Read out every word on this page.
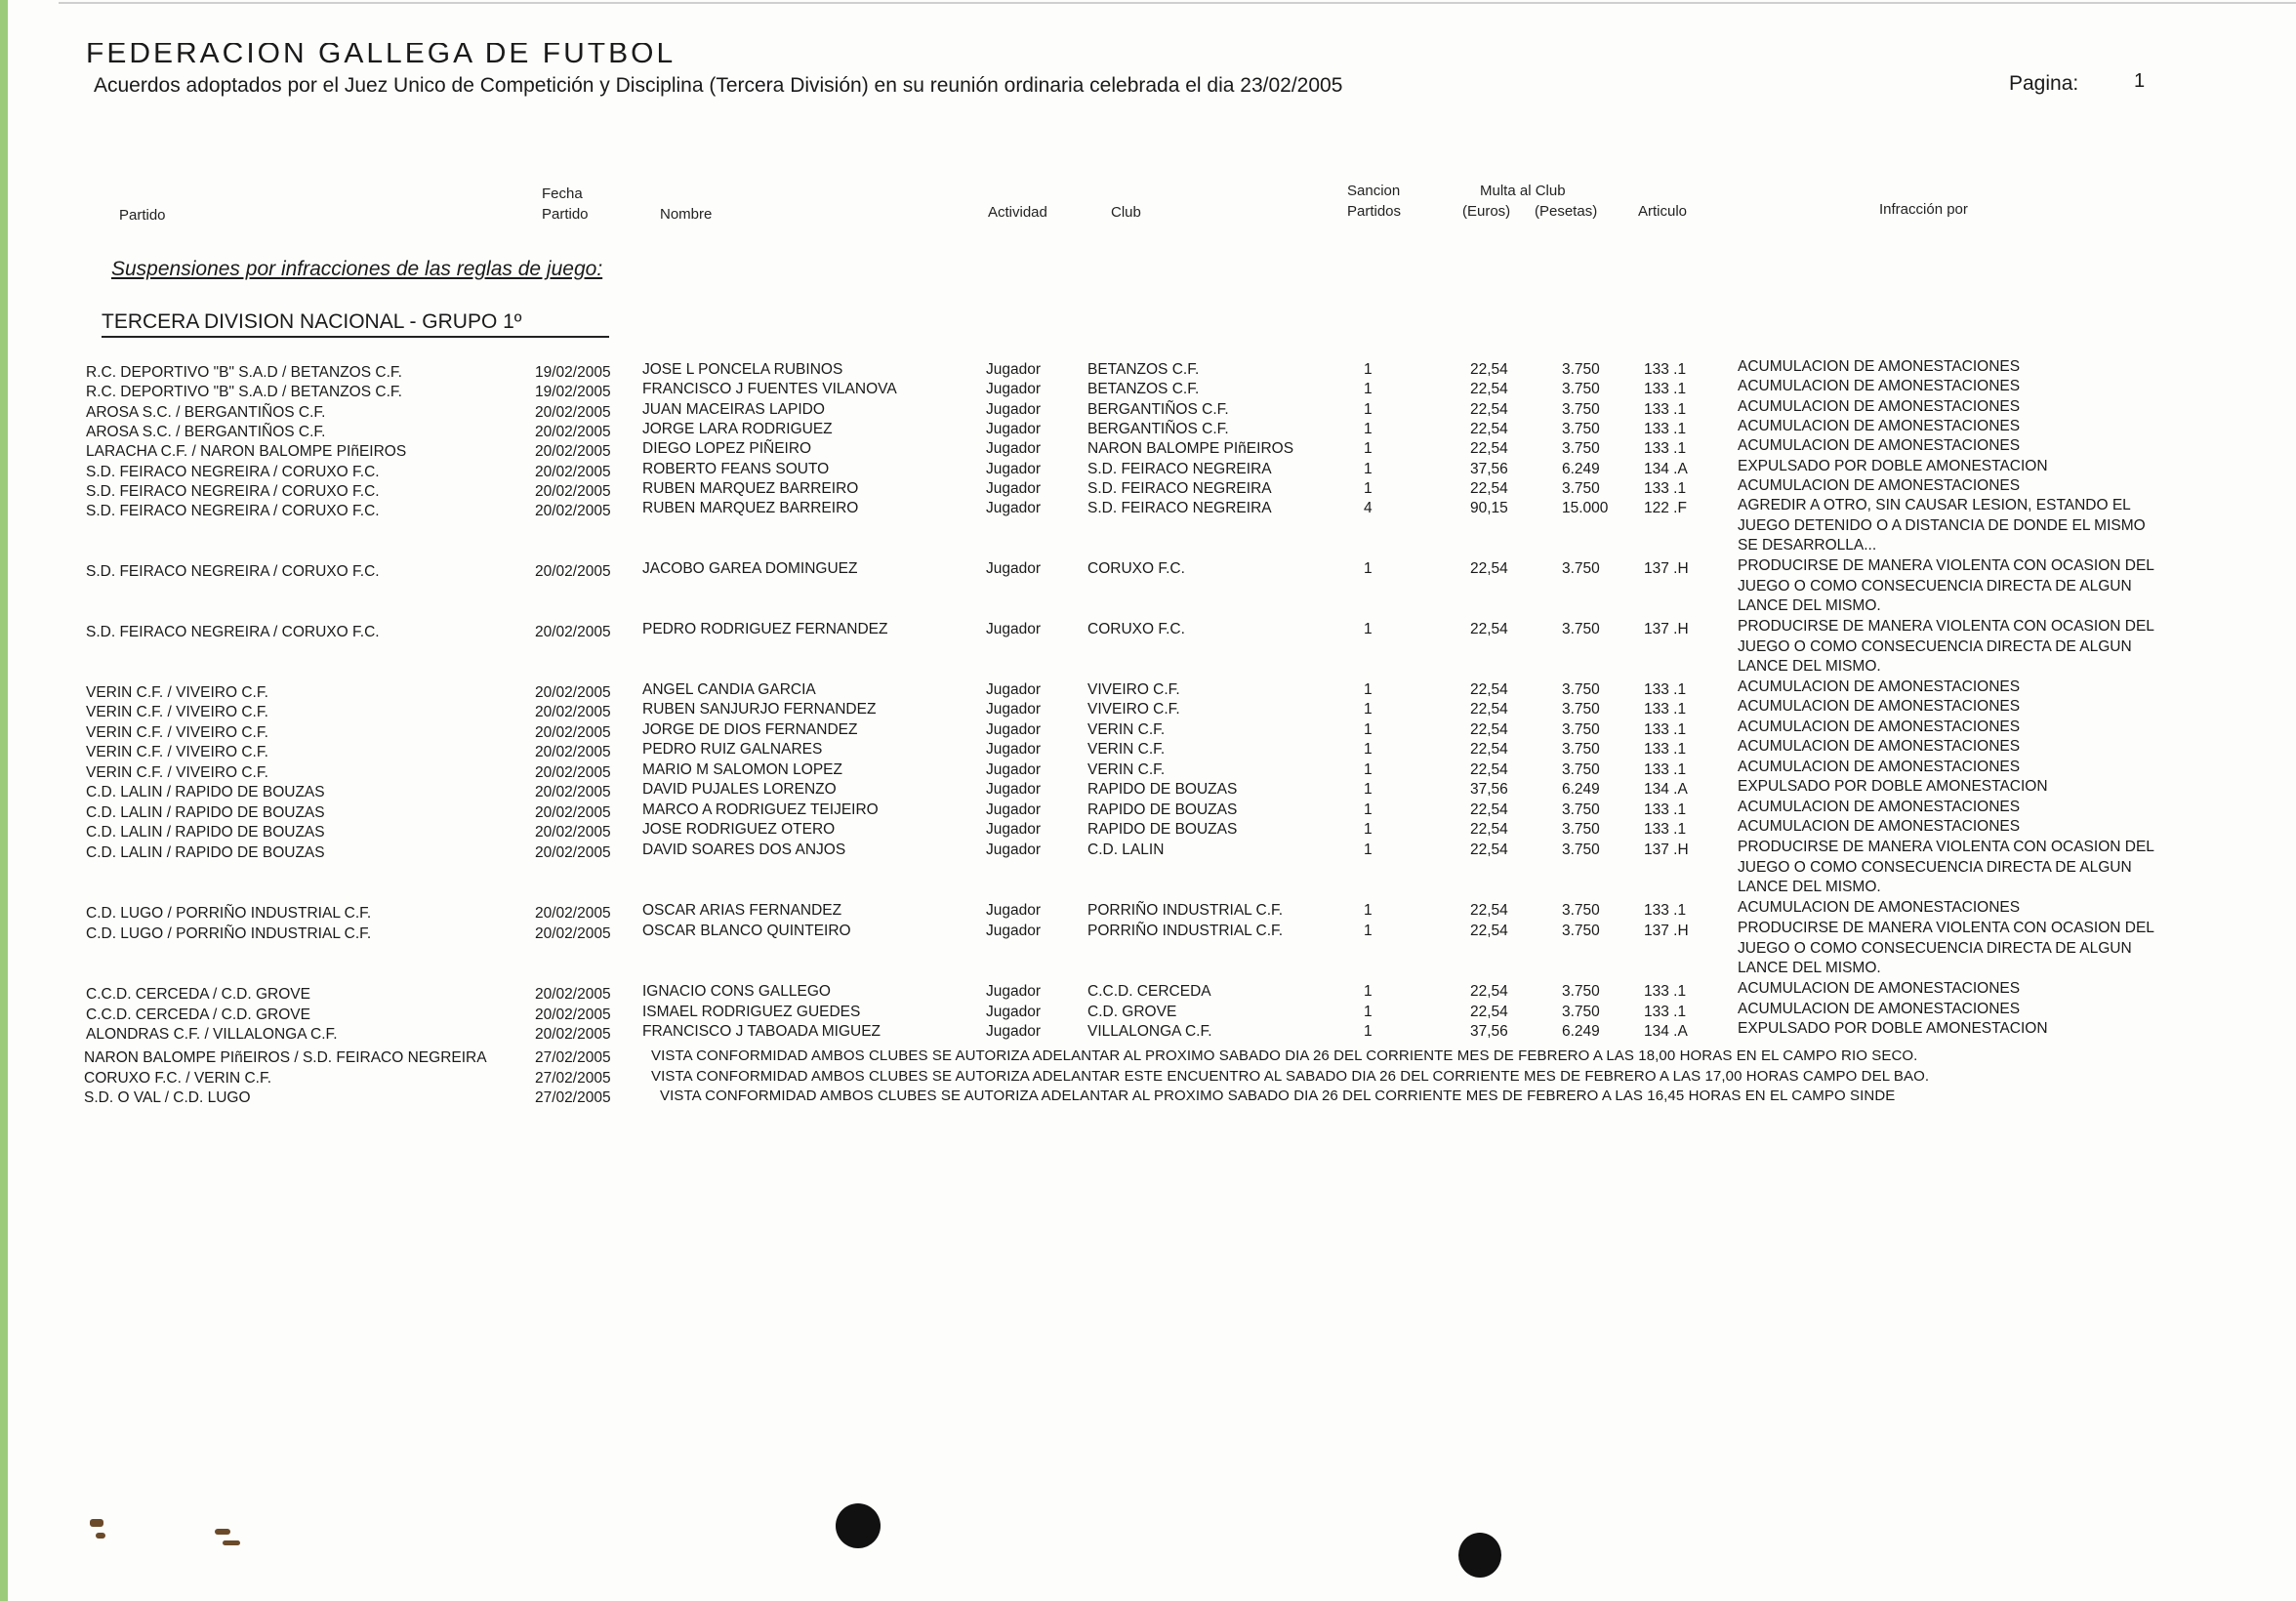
FEDERACION GALLEGA DE FUTBOL
Acuerdos adoptados por el Juez Unico de Competición y Disciplina (Tercera División) en su reunión ordinaria celebrada el dia 23/02/2005	Pagina:	1
Partido
Fecha
Partido	Nombre	Actividad	Club
Sancion
Partidos
Multa al Club
(Euros) (Pesetas)	Articulo	Infracción por
Suspensiones por infracciones de las reglas de juego:
TERCERA DIVISION NACIONAL - GRUPO 1º
R.C. DEPORTIVO "B" S.A.D / BETANZOS C.F.	19/02/2005 JOSE L PONCELA RUBINOS	Jugador	BETANZOS C.F.	1	22,54	3.750	133 .1	ACUMULACION DE AMONESTACIONES
R.C. DEPORTIVO "B" S.A.D / BETANZOS C.F.	19/02/2005 FRANCISCO J FUENTES VILANOVA	Jugador	BETANZOS C.F.	1	22,54	3.750	133 .1	ACUMULACION DE AMONESTACIONES
AROSA S.C. / BERGANTIÑOS C.F.	20/02/2005 JUAN MACEIRAS LAPIDO	Jugador	BERGANTIÑOS C.F.	1	22,54	3.750	133 .1	ACUMULACION DE AMONESTACIONES
AROSA S.C. / BERGANTIÑOS C.F.	20/02/2005 JORGE LARA RODRIGUEZ	Jugador	BERGANTIÑOS C.F.	1	22,54	3.750	133 .1	ACUMULACION DE AMONESTACIONES
LARACHA C.F. / NARON BALOMPE PIñEIROS	20/02/2005 DIEGO LOPEZ PIÑEIRO	Jugador	NARON BALOMPE PIñEIROS	1	22,54	3.750	133 .1	ACUMULACION DE AMONESTACIONES
S.D. FEIRACO NEGREIRA / CORUXO F.C.	20/02/2005 ROBERTO FEANS SOUTO	Jugador	S.D. FEIRACO NEGREIRA	1	37,56	6.249	134 .A	EXPULSADO POR DOBLE AMONESTACION
S.D. FEIRACO NEGREIRA / CORUXO F.C.	20/02/2005 RUBEN MARQUEZ BARREIRO	Jugador	S.D. FEIRACO NEGREIRA	1	22,54	3.750	133 .1	ACUMULACION DE AMONESTACIONES
S.D. FEIRACO NEGREIRA / CORUXO F.C.	20/02/2005 RUBEN MARQUEZ BARREIRO	Jugador	S.D. FEIRACO NEGREIRA	4	90,15	15.000 122 .F	AGREDIR A OTRO, SIN CAUSAR LESION, ESTANDO EL
JUEGO DETENIDO O A DISTANCIA DE DONDE EL MISMO
SE DESARROLLA...
S.D. FEIRACO NEGREIRA / CORUXO F.C.	20/02/2005 JACOBO GAREA DOMINGUEZ	Jugador	CORUXO F.C.	1	22,54	3.750	137 .H	PRODUCIRSE DE MANERA VIOLENTA CON OCASION DEL
JUEGO O COMO CONSECUENCIA DIRECTA DE ALGUN
LANCE DEL MISMO.
S.D. FEIRACO NEGREIRA / CORUXO F.C.	20/02/2005 PEDRO RODRIGUEZ FERNANDEZ	Jugador	CORUXO F.C.	1	22,54	3.750	137 .H	PRODUCIRSE DE MANERA VIOLENTA CON OCASION DEL
JUEGO O COMO CONSECUENCIA DIRECTA DE ALGUN
LANCE DEL MISMO.
VERIN C.F. / VIVEIRO C.F.	20/02/2005 ANGEL CANDIA GARCIA	Jugador	VIVEIRO C.F.	1	22,54	3.750	133 .1	ACUMULACION DE AMONESTACIONES
VERIN C.F. / VIVEIRO C.F.	20/02/2005 RUBEN SANJURJO FERNANDEZ	Jugador	VIVEIRO C.F.	1	22,54	3.750	133 .1	ACUMULACION DE AMONESTACIONES
VERIN C.F. / VIVEIRO C.F.	20/02/2005 JORGE DE DIOS FERNANDEZ	Jugador	VERIN C.F.	1	22,54	3.750	133 .1	ACUMULACION DE AMONESTACIONES
VERIN C.F. / VIVEIRO C.F.	20/02/2005 PEDRO RUIZ GALNARES	Jugador	VERIN C.F.	1	22,54	3.750	133 .1	ACUMULACION DE AMONESTACIONES
VERIN C.F. / VIVEIRO C.F.	20/02/2005 MARIO M SALOMON LOPEZ	Jugador	VERIN C.F.	1	22,54	3.750	133 .1	ACUMULACION DE AMONESTACIONES
C.D. LALIN / RAPIDO DE BOUZAS	20/02/2005 DAVID PUJALES LORENZO	Jugador	RAPIDO DE BOUZAS	1	37,56	6.249	134 .A	EXPULSADO POR DOBLE AMONESTACION
C.D. LALIN / RAPIDO DE BOUZAS	20/02/2005 MARCO A RODRIGUEZ TEIJEIRO	Jugador	RAPIDO DE BOUZAS	1	22,54	3.750	133 .1	ACUMULACION DE AMONESTACIONES
C.D. LALIN / RAPIDO DE BOUZAS	20/02/2005 JOSE RODRIGUEZ OTERO	Jugador	RAPIDO DE BOUZAS	1	22,54	3.750	133 .1	ACUMULACION DE AMONESTACIONES
C.D. LALIN / RAPIDO DE BOUZAS	20/02/2005 DAVID SOARES DOS ANJOS	Jugador	C.D. LALIN	1	22,54	3.750	137 .H	PRODUCIRSE DE MANERA VIOLENTA CON OCASION DEL
JUEGO O COMO CONSECUENCIA DIRECTA DE ALGUN
LANCE DEL MISMO.
C.D. LUGO / PORRIÑO INDUSTRIAL C.F.	20/02/2005 OSCAR ARIAS FERNANDEZ	Jugador	PORRIÑO INDUSTRIAL C.F.	1	22,54	3.750	133 .1	ACUMULACION DE AMONESTACIONES
C.D. LUGO / PORRIÑO INDUSTRIAL C.F.	20/02/2005 OSCAR BLANCO QUINTEIRO	Jugador	PORRIÑO INDUSTRIAL C.F.	1	22,54	3.750	137 .H	PRODUCIRSE DE MANERA VIOLENTA CON OCASION DEL
JUEGO O COMO CONSECUENCIA DIRECTA DE ALGUN
LANCE DEL MISMO.
C.C.D. CERCEDA / C.D. GROVE	20/02/2005 IGNACIO CONS GALLEGO	Jugador	C.C.D. CERCEDA	1	22,54	3.750	133 .1	ACUMULACION DE AMONESTACIONES
C.C.D. CERCEDA / C.D. GROVE	20/02/2005 ISMAEL RODRIGUEZ GUEDES	Jugador	C.D. GROVE	1	22,54	3.750	133 .1	ACUMULACION DE AMONESTACIONES
ALONDRAS C.F. / VILLALONGA C.F.	20/02/2005 FRANCISCO J TABOADA MIGUEZ	Jugador	VILLALONGA C.F.	1	37,56	6.249	134 .A	EXPULSADO POR DOBLE AMONESTACION
NARON BALOMPE PIñEIROS / S.D. FEIRACO NEGREIRA	27/02/2005	VISTA CONFORMIDAD AMBOS CLUBES SE AUTORIZA ADELANTAR AL PROXIMO SABADO DIA 26 DEL CORRIENTE MES DE FEBRERO A LAS 18,00 HORAS EN EL CAMPO RIO SECO.
CORUXO F.C. / VERIN C.F.	27/02/2005	VISTA CONFORMIDAD AMBOS CLUBES SE AUTORIZA ADELANTAR ESTE ENCUENTRO AL SABADO DIA 26 DEL CORRIENTE MES DE FEBRERO A LAS 17,00 HORAS CAMPO DEL BAO.
S.D. O VAL / C.D. LUGO	27/02/2005	VISTA CONFORMIDAD AMBOS CLUBES SE AUTORIZA ADELANTAR AL PROXIMO SABADO DIA 26 DEL CORRIENTE MES DE FEBRERO A LAS 16,45 HORAS EN EL CAMPO SINDE
